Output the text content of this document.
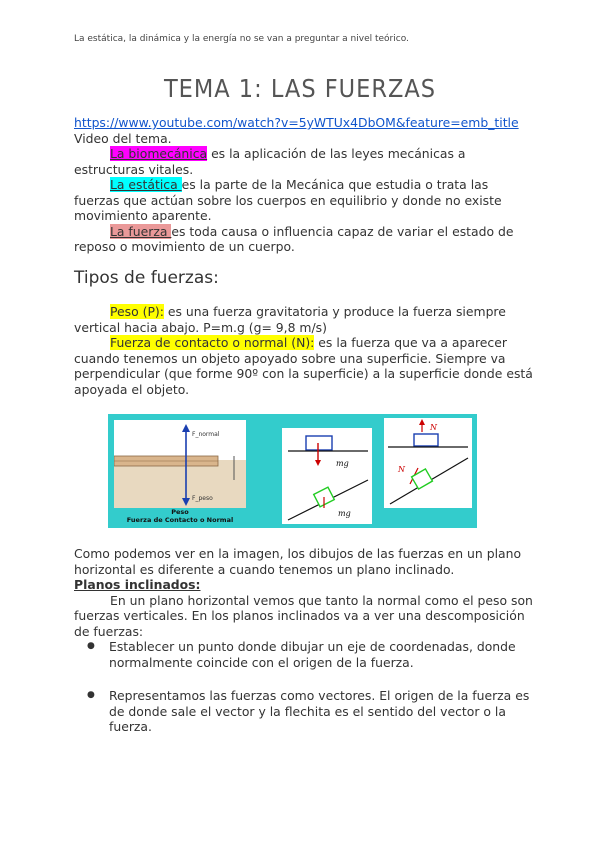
La estática, la dinámica y la energía no se van a preguntar a nivel teórico.
TEMA 1: LAS FUERZAS
https://www.youtube.com/watch?v=5yWTUx4DbOM&feature=emb_title
Video del tema.
La biomecánica es la aplicación de las leyes mecánicas a estructuras vitales.
La estática es la parte de la Mecánica que estudia o trata las fuerzas que actúan sobre los cuerpos en equilibrio y donde no existe movimiento aparente.
La fuerza es toda causa o influencia capaz de variar el estado de reposo o movimiento de un cuerpo.
Tipos de fuerzas:
Peso (P): es una fuerza gravitatoria y produce la fuerza siempre vertical hacia abajo. P=m.g (g= 9,8 m/s)
Fuerza de contacto o normal (N): es la fuerza que va a aparecer cuando tenemos un objeto apoyado sobre una superficie. Siempre va perpendicular (que forme 90º con la superficie) a la superficie donde está apoyada el objeto.
F_normal
F_peso
mg
mg
N
N
Peso
Fuerza de Contacto o Normal
Como podemos ver en la imagen, los dibujos de las fuerzas en un plano horizontal es diferente a cuando tenemos un plano inclinado.
Planos inclinados:
En un plano horizontal vemos que tanto la normal como el peso son fuerzas verticales. En los planos inclinados va a ver una descomposición de fuerzas:
● Establecer un punto donde dibujar un eje de coordenadas, donde normalmente coincide con el origen de la fuerza.
● Representamos las fuerzas como vectores. El origen de la fuerza es de donde sale el vector y la flechita es el sentido del vector o la fuerza.
